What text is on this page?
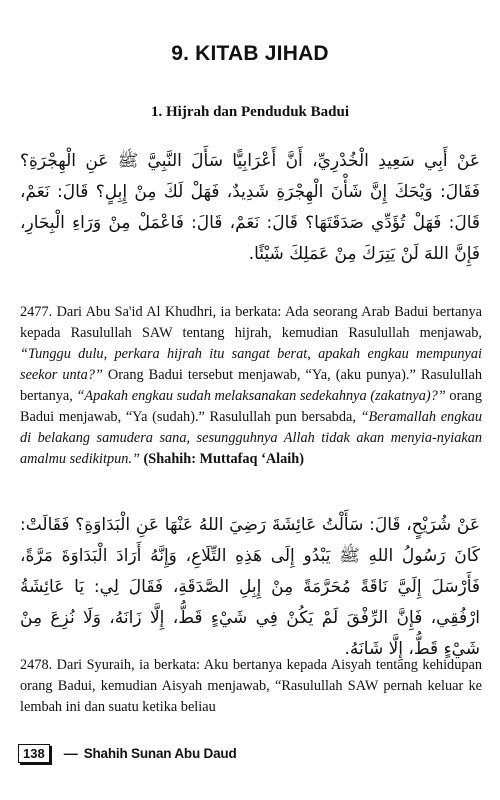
9. KITAB JIHAD
1. Hijrah dan Penduduk Badui
عَنْ أَبِي سَعِيدِ الْخُدْرِيِّ، أَنَّ أَعْرَابِيًّا سَأَلَ النَّبِيَّ ﷺ عَنِ الْهِجْرَةِ؟ فَقَالَ: وَيْحَكَ إِنَّ شَأْنَ الْهِجْرَةِ شَدِيدٌ، فَهَلْ لَكَ مِنْ إِبِلٍ؟ قَالَ: نَعَمْ، قَالَ: فَهَلْ تُؤَدِّي صَدَقَتَهَا؟ قَالَ: نَعَمْ، قَالَ: فَاعْمَلْ مِنْ وَرَاءِ الْبِحَارِ، فَإِنَّ اللهَ لَنْ يَتِرَكَ مِنْ عَمَلِكَ شَيْئًا.
2477. Dari Abu Sa'id Al Khudhri, ia berkata: Ada seorang Arab Badui bertanya kepada Rasulullah SAW tentang hijrah, kemudian Rasulullah menjawab, “Tunggu dulu, perkara hijrah itu sangat berat, apakah engkau mempunyai seekor unta?” Orang Badui tersebut menjawab, “Ya, (aku punya).” Rasulullah bertanya, “Apakah engkau sudah melaksanakan sedekahnya (zakatnya)?” orang Badui menjawab, “Ya (sudah).” Rasulullah pun bersabda, “Beramallah engkau di belakang samudera sana, sesungguhnya Allah tidak akan menyia-nyiakan amalmu sedikitpun.” (Shahih: Muttafaq ‘Alaih)
عَنْ شُرَيْحٍ، قَالَ: سَأَلْتُ عَائِشَةَ رَضِيَ اللهُ عَنْهَا عَنِ الْبَدَاوَةِ؟ فَقَالَتْ: كَانَ رَسُولُ اللهِ ﷺ يَبْدُو إِلَى هَذِهِ التِّلَاعِ، وَإِنَّهُ أَرَادَ الْبَدَاوَةَ مَرَّةً، فَأَرْسَلَ إِلَيَّ نَاقَةً مُحَرَّمَةً مِنْ إِبِلِ الصَّدَقَةِ، فَقَالَ لِي: يَا عَائِشَةُ ارْفُقِي، فَإِنَّ الرِّفْقَ لَمْ يَكُنْ فِي شَيْءٍ قَطُّ، إِلَّا زَانَهُ، وَلَا نُزِعَ مِنْ شَيْءٍ قَطُّ، إِلَّا شَانَهُ.
2478. Dari Syuraih, ia berkata: Aku bertanya kepada Aisyah tentang kehidupan orang Badui, kemudian Aisyah menjawab, “Rasulullah SAW pernah keluar ke lembah ini dan suatu ketika beliau
138	— Shahih Sunan Abu Daud
